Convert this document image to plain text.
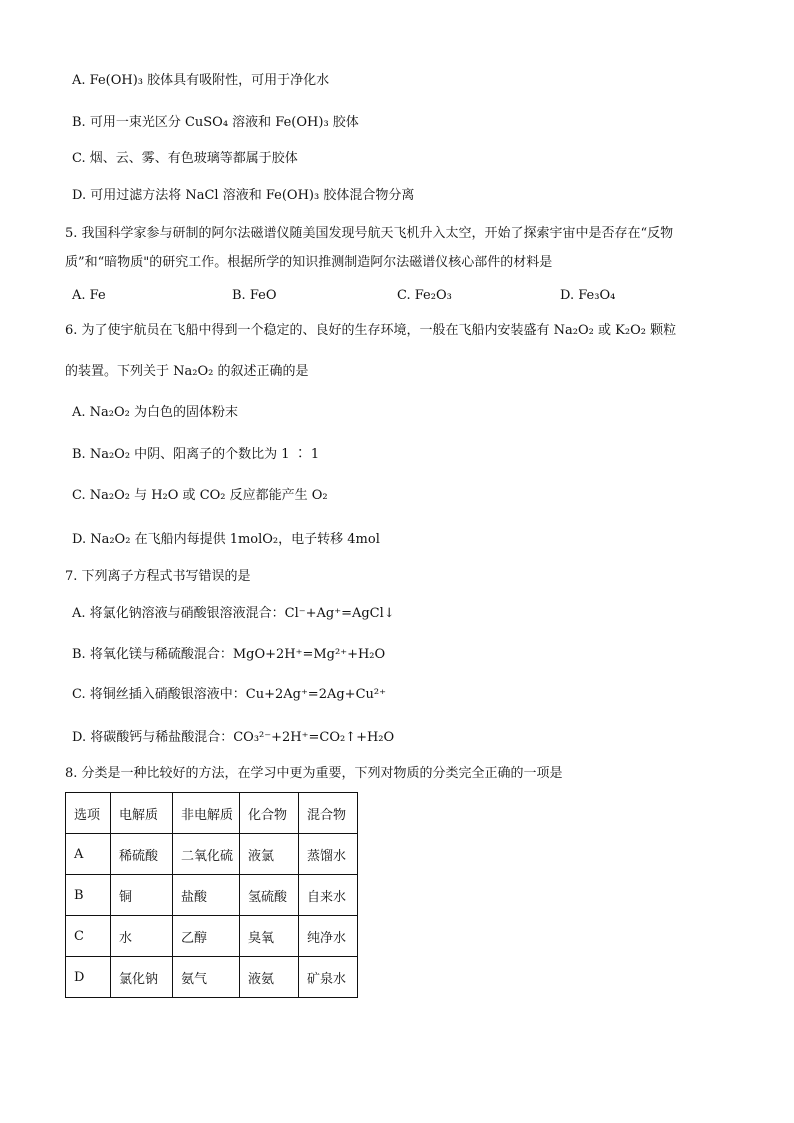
A. Fe(OH)₃ 胶体具有吸附性，可用于净化水
B. 可用一束光区分 CuSO₄ 溶液和 Fe(OH)₃ 胶体
C. 烟、云、雾、有色玻璃等都属于胶体
D. 可用过滤方法将 NaCl 溶液和 Fe(OH)₃ 胶体混合物分离
5. 我国科学家参与研制的阿尔法磁谱仪随美国发现号航天飞机升入太空，开始了探索宇宙中是否存在“反物
质”和“暗物质"的研究工作。根据所学的知识推测制造阿尔法磁谱仪核心部件的材料是
A. Fe	B. FeO	C. Fe₂O₃	D. Fe₃O₄
6. 为了使宇航员在飞船中得到一个稳定的、良好的生存环境，一般在飞船内安装盛有 Na₂O₂ 或 K₂O₂ 颗粒
的装置。下列关于 Na₂O₂ 的叙述正确的是
A. Na₂O₂ 为白色的固体粉末
B. Na₂O₂ 中阴、阳离子的个数比为 1 ∶ 1
C. Na₂O₂ 与 H₂O 或 CO₂ 反应都能产生 O₂
D. Na₂O₂ 在飞船内每提供 1molO₂，电子转移 4mol
7. 下列离子方程式书写错误的是
A. 将氯化钠溶液与硝酸银溶液混合：Cl⁻+Ag⁺=AgCl↓
B. 将氧化镁与稀硫酸混合：MgO+2H⁺=Mg²⁺+H₂O
C. 将铜丝插入硝酸银溶液中：Cu+2Ag⁺=2Ag+Cu²⁺
D. 将碳酸钙与稀盐酸混合：CO₃²⁻+2H⁺=CO₂↑+H₂O
8. 分类是一种比较好的方法，在学习中更为重要，下列对物质的分类完全正确的一项是
选项	电解质	非电解质	化合物	混合物
A	稀硫酸	二氧化硫	液氯	蒸馏水
B	铜	盐酸	氢硫酸	自来水
C	水	乙醇	臭氧	纯净水
D	氯化钠	氨气	液氨	矿泉水
